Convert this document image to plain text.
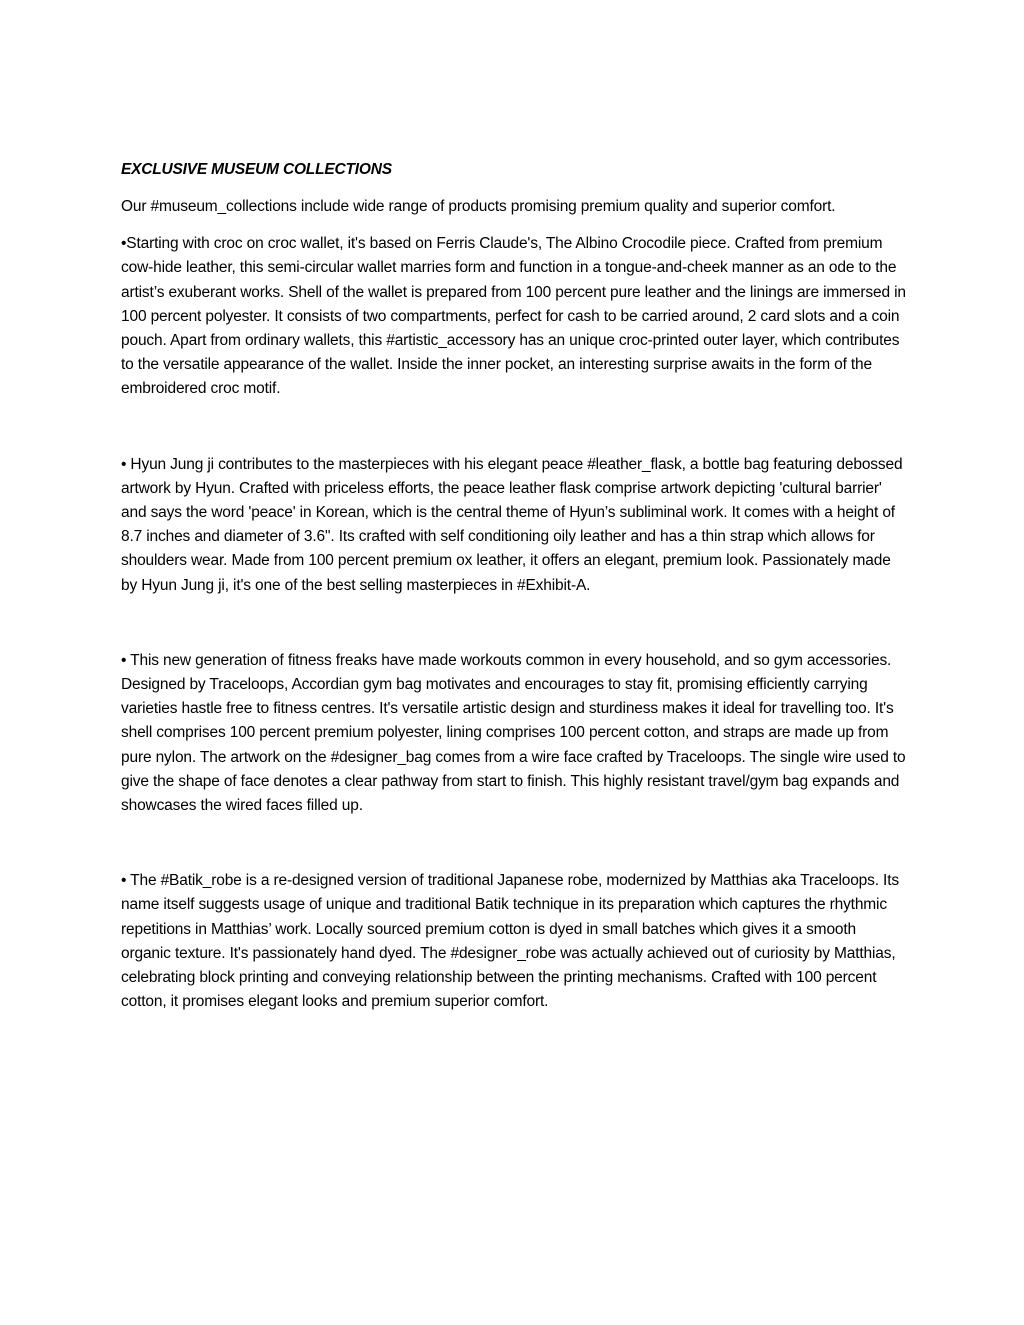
EXCLUSIVE MUSEUM COLLECTIONS

Our #museum_collections include wide range of products promising premium quality and superior comfort.

•Starting with croc on croc wallet, it's based on Ferris Claude's, The Albino Crocodile piece. Crafted from premium cow-hide leather, this semi-circular wallet marries form and function in a tongue-and-cheek manner as an ode to the artist’s exuberant works. Shell of the wallet is prepared from 100 percent pure leather and the linings are immersed in 100 percent polyester. It consists of two compartments, perfect for cash to be carried around, 2 card slots and a coin pouch. Apart from ordinary wallets, this #artistic_accessory has an unique croc-printed outer layer, which contributes to the versatile appearance of the wallet. Inside the inner pocket, an interesting surprise awaits in the form of the embroidered croc motif.

• Hyun Jung ji contributes to the masterpieces with his elegant peace #leather_flask, a bottle bag featuring debossed artwork by Hyun. Crafted with priceless efforts, the peace leather flask comprise artwork depicting 'cultural barrier' and says the word 'peace' in Korean, which is the central theme of Hyun’s subliminal work. It comes with a height of 8.7 inches and diameter of 3.6". Its crafted with self conditioning oily leather and has a thin strap which allows for shoulders wear. Made from 100 percent premium ox leather, it offers an elegant, premium look. Passionately made by Hyun Jung ji, it's one of the best selling masterpieces in #Exhibit-A.

• This new generation of fitness freaks have made workouts common in every household, and so gym accessories. Designed by Traceloops, Accordian gym bag motivates and encourages to stay fit, promising efficiently carrying varieties hastle free to fitness centres. It's versatile artistic design and sturdiness makes it ideal for travelling too. It's shell comprises 100 percent premium polyester, lining comprises 100 percent cotton, and straps are made up from pure nylon. The artwork on the #designer_bag comes from a wire face crafted by Traceloops. The single wire used to give the shape of face denotes a clear pathway from start to finish. This highly resistant travel/gym bag expands and showcases the wired faces filled up.

• The #Batik_robe is a re-designed version of traditional Japanese robe, modernized by Matthias aka Traceloops. Its name itself suggests usage of unique and traditional Batik technique in its preparation which captures the rhythmic repetitions in Matthias’ work. Locally sourced premium cotton is dyed in small batches which gives it a smooth organic texture. It's passionately hand dyed. The #designer_robe was actually achieved out of curiosity by Matthias, celebrating block printing and conveying relationship between the printing mechanisms. Crafted with 100 percent cotton, it promises elegant looks and premium superior comfort.
